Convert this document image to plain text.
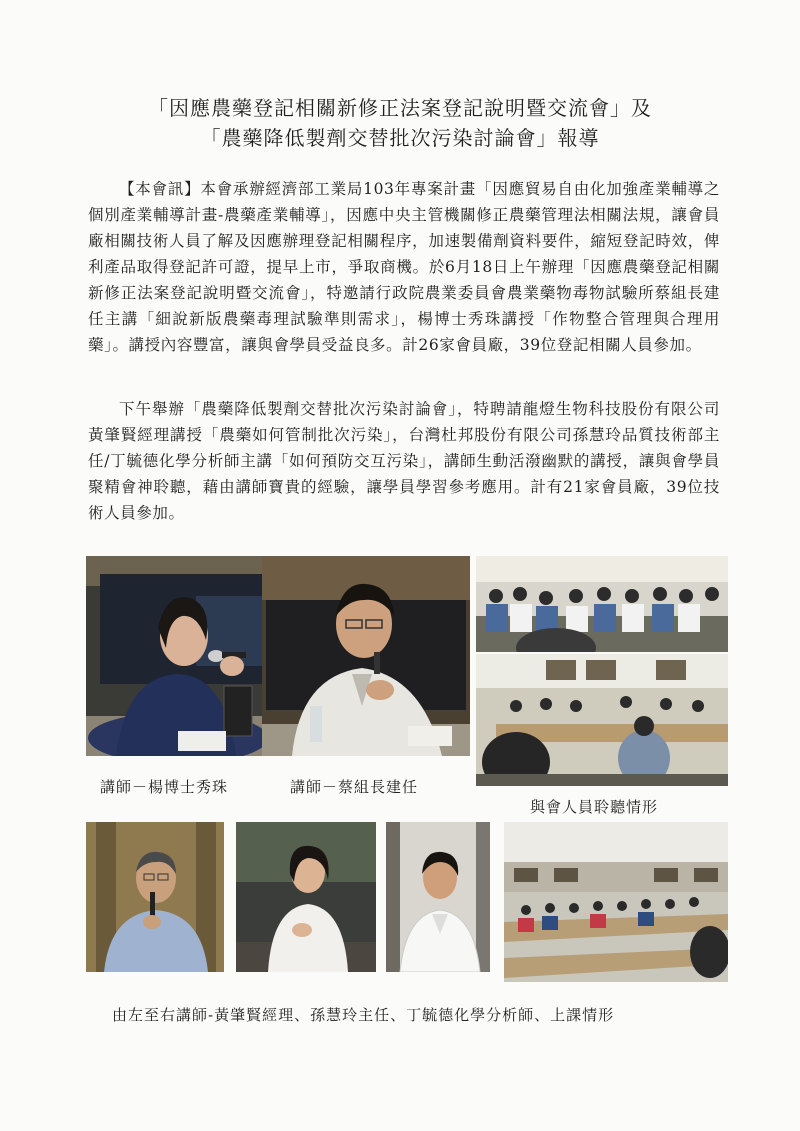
「因應農藥登記相關新修正法案登記說明暨交流會」及
「農藥降低製劑交替批次污染討論會」報導
【本會訊】本會承辦經濟部工業局103年專案計畫「因應貿易自由化加強產業輔導之個別產業輔導計畫-農藥產業輔導」，因應中央主管機關修正農藥管理法相關法規，讓會員廠相關技術人員了解及因應辦理登記相關程序，加速製備劑資料要件，縮短登記時效，俾利產品取得登記許可證，提早上市，爭取商機。於6月18日上午辦理「因應農藥登記相關新修正法案登記說明暨交流會」，特邀請行政院農業委員會農業藥物毒物試驗所蔡組長建任主講「細說新版農藥毒理試驗準則需求」，楊博士秀珠講授「作物整合管理與合理用藥」。講授內容豐富，讓與會學員受益良多。計26家會員廠，39位登記相關人員參加。
下午舉辦「農藥降低製劑交替批次污染討論會」，特聘請龍燈生物科技股份有限公司黃肇賢經理講授「農藥如何管制批次污染」，台灣杜邦股份有限公司孫慧玲品質技術部主任/丁毓德化學分析師主講「如何預防交互污染」，講師生動活潑幽默的講授，讓與會學員聚精會神聆聽，藉由講師寶貴的經驗，讓學員學習參考應用。計有21家會員廠，39位技術人員參加。
講師－楊博士秀珠	講師－蔡組長建任
與會人員聆聽情形
由左至右講師-黃肇賢經理、孫慧玲主任、丁毓德化學分析師、上課情形
